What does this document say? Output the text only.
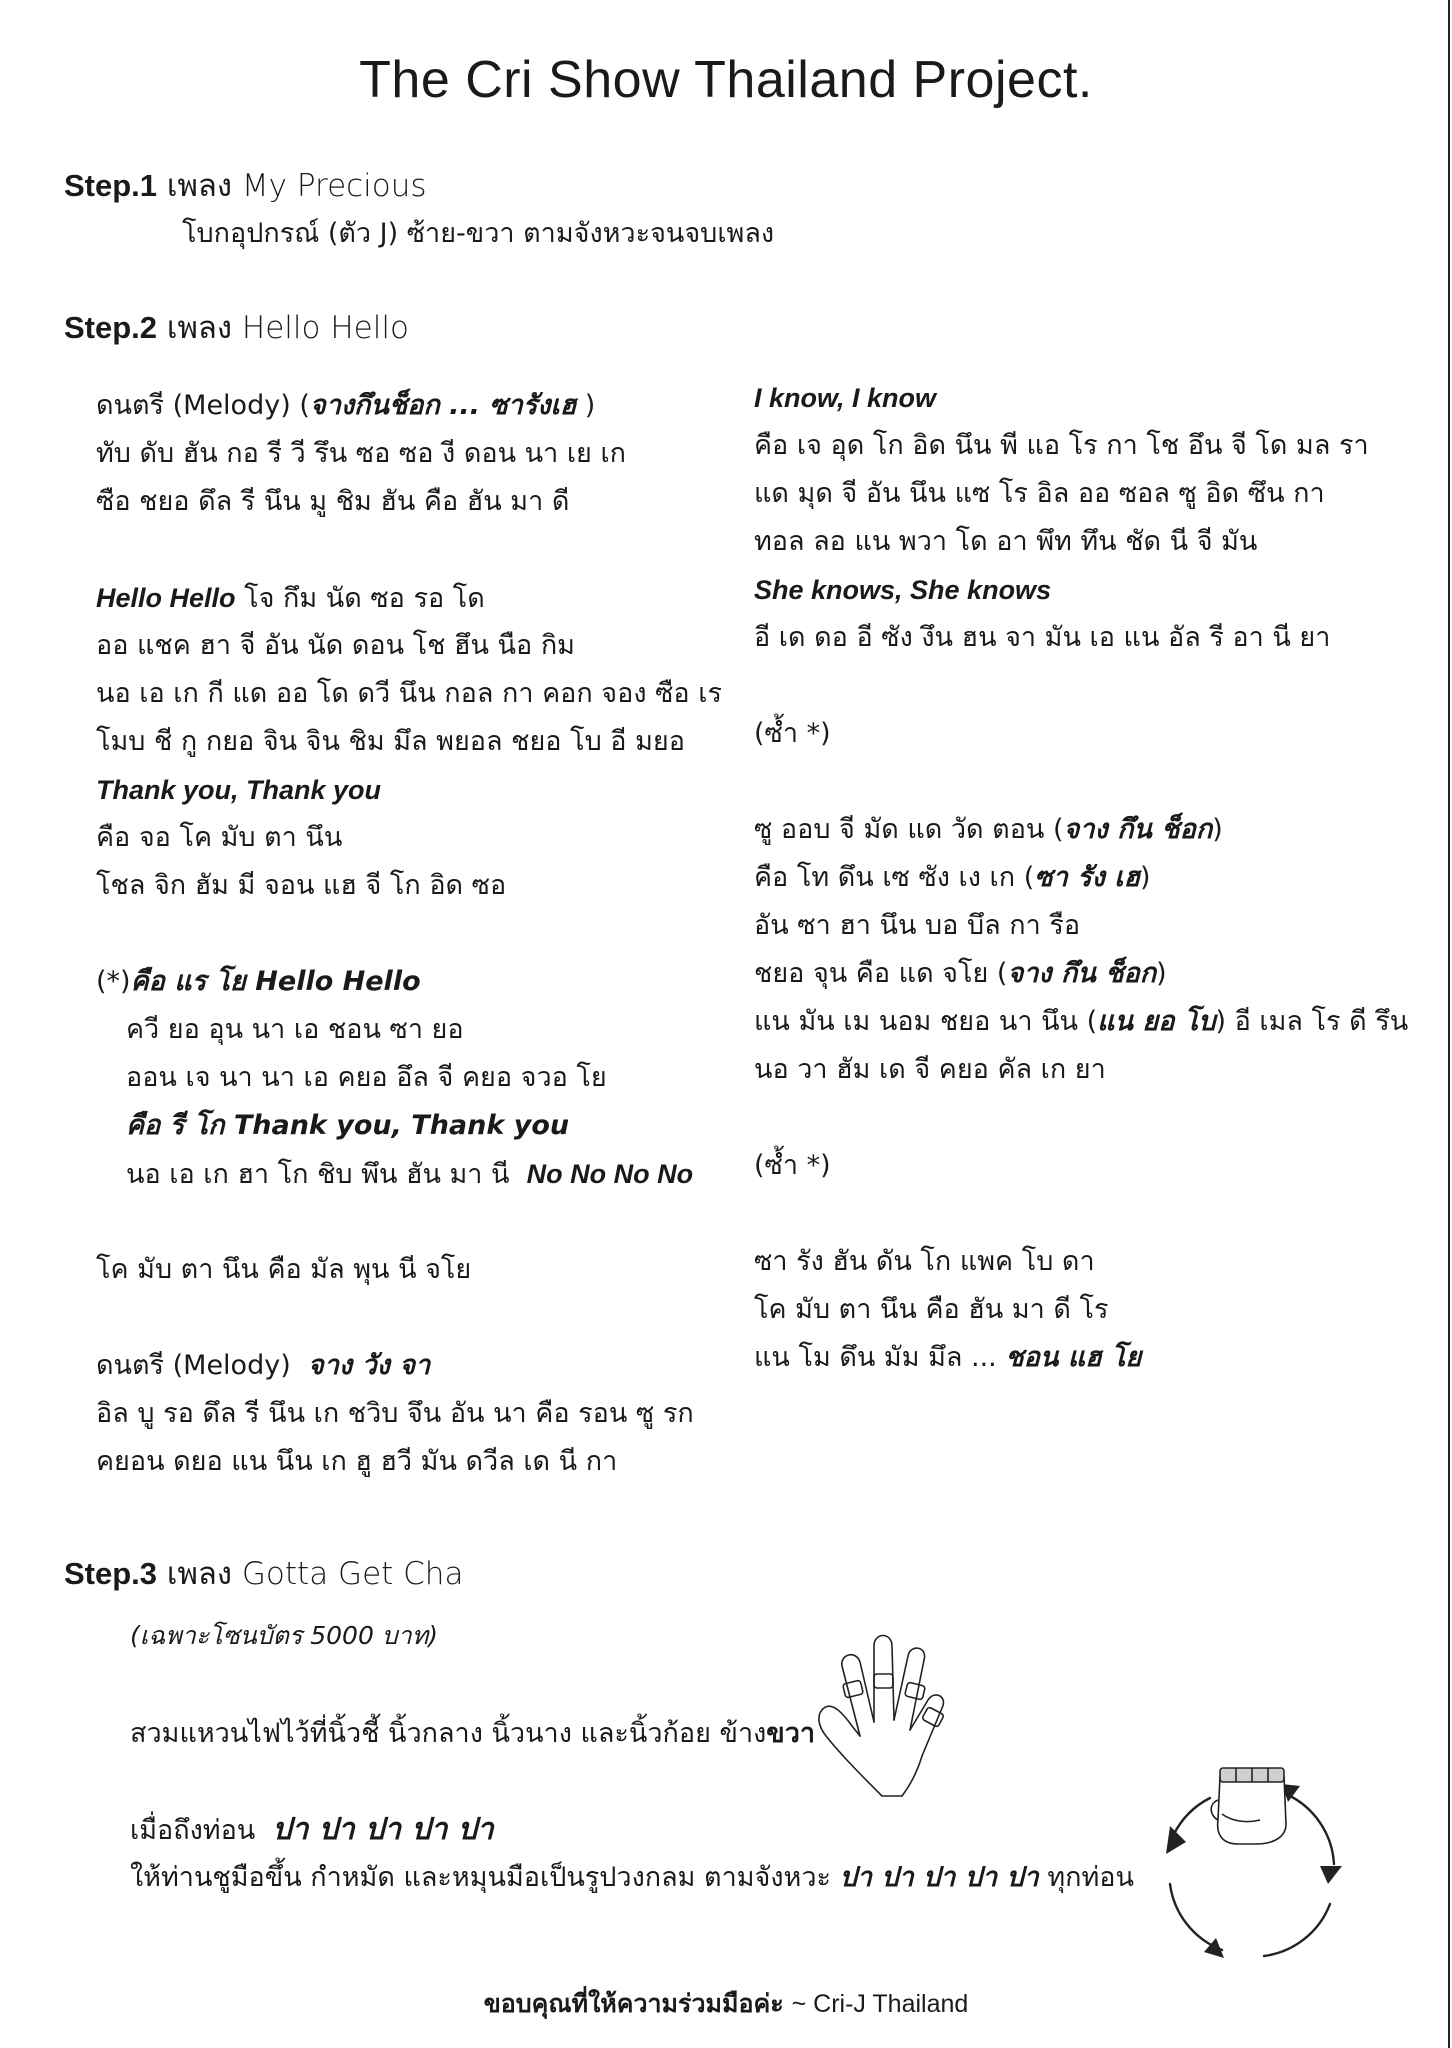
The Cri Show Thailand Project.
Step.1 เพลง My Precious
โบกอุปกรณ์ (ตัว J) ซ้าย-ขวา ตามจังหวะจนจบเพลง
Step.2 เพลง Hello Hello
ดนตรี (Melody) (จางกึนช็อก ... ซารังเฮ )
ทับ ดับ ฮัน กอ รี วี รึน ซอ ซอ งี ดอน นา เย เก
ซือ ชยอ ดึล รี นึน มู ชิม ฮัน คือ ฮัน มา ดี
Hello Hello โจ กึม นัด ซอ รอ โด
ออ แชค ฮา จี อัน นัด ดอน โช ฮึน นือ กิม
นอ เอ เก กี แด ออ โด ดวี นึน กอล กา คอก จอง ซือ เร
โมบ ชี กู กยอ จิน จิน ชิม มึล พยอล ชยอ โบ อี มยอ
Thank you, Thank you
คือ จอ โค มับ ตา นึน
โชล จิก ฮัม มี จอน แฮ จี โก อิด ซอ
(*)คือ แร โย Hello Hello
ควี ยอ อุน นา เอ ชอน ซา ยอ
ออน เจ นา นา เอ คยอ อึล จี คยอ จวอ โย
คือ รี โก Thank you, Thank you
นอ เอ เก ฮา โก ชิบ พึน ฮัน มา นี No No No No
โค มับ ตา นึน คือ มัล พุน นี จโย
ดนตรี (Melody) จาง วัง จา
อิล บู รอ ดึล รี นึน เก ชวิบ จึน อัน นา คือ รอน ซู รก
คยอน ดยอ แน นึน เก ฮู ฮวี มัน ดวีล เด นี กา
I know, I know
คือ เจ อุด โก อิด นึน พี แอ โร กา โช อึน จี โด มล รา
แด มุด จี อัน นึน แซ โร อิล ออ ซอล ซู อิด ซึน กา
ทอล ลอ แน พวา โด อา พึท ทึน ชัด นี จี มัน
She knows, She knows
อี เด ดอ อี ซัง งึน ฮน จา มัน เอ แน อัล รี อา นี ยา
(ซ้ำ *)
ซู ออบ จี มัด แด วัด ตอน (จาง กึน ช็อก)
คือ โท ดึน เซ ซัง เง เก (ซา รัง เฮ)
อัน ซา ฮา นึน บอ บึล กา รือ
ชยอ จุน คือ แด จโย (จาง กึน ช็อก)
แน มัน เม นอม ชยอ นา นึน (แน ยอ โบ) อี เมล โร ดี รึน
นอ วา ฮัม เด จี คยอ คัล เก ยา
(ซ้ำ *)
ซา รัง ฮัน ดัน โก แพค โบ ดา
โค มับ ตา นึน คือ ฮัน มา ดี โร
แน โม ดึน มัม มึล ... ชอน แฮ โย
Step.3 เพลง Gotta Get Cha
(เฉพาะโซนบัตร 5000 บาท)
สวมแหวนไฟไว้ที่นิ้วชี้ นิ้วกลาง นิ้วนาง และนิ้วก้อย ข้างขวา
เมื่อถึงท่อน ปา ปา ปา ปา ปา
ให้ท่านชูมือขึ้น กำหมัด และหมุนมือเป็นรูปวงกลม ตามจังหวะ ปา ปา ปา ปา ปา ทุกท่อน
ขอบคุณที่ให้ความร่วมมือค่ะ ~ Cri-J Thailand
